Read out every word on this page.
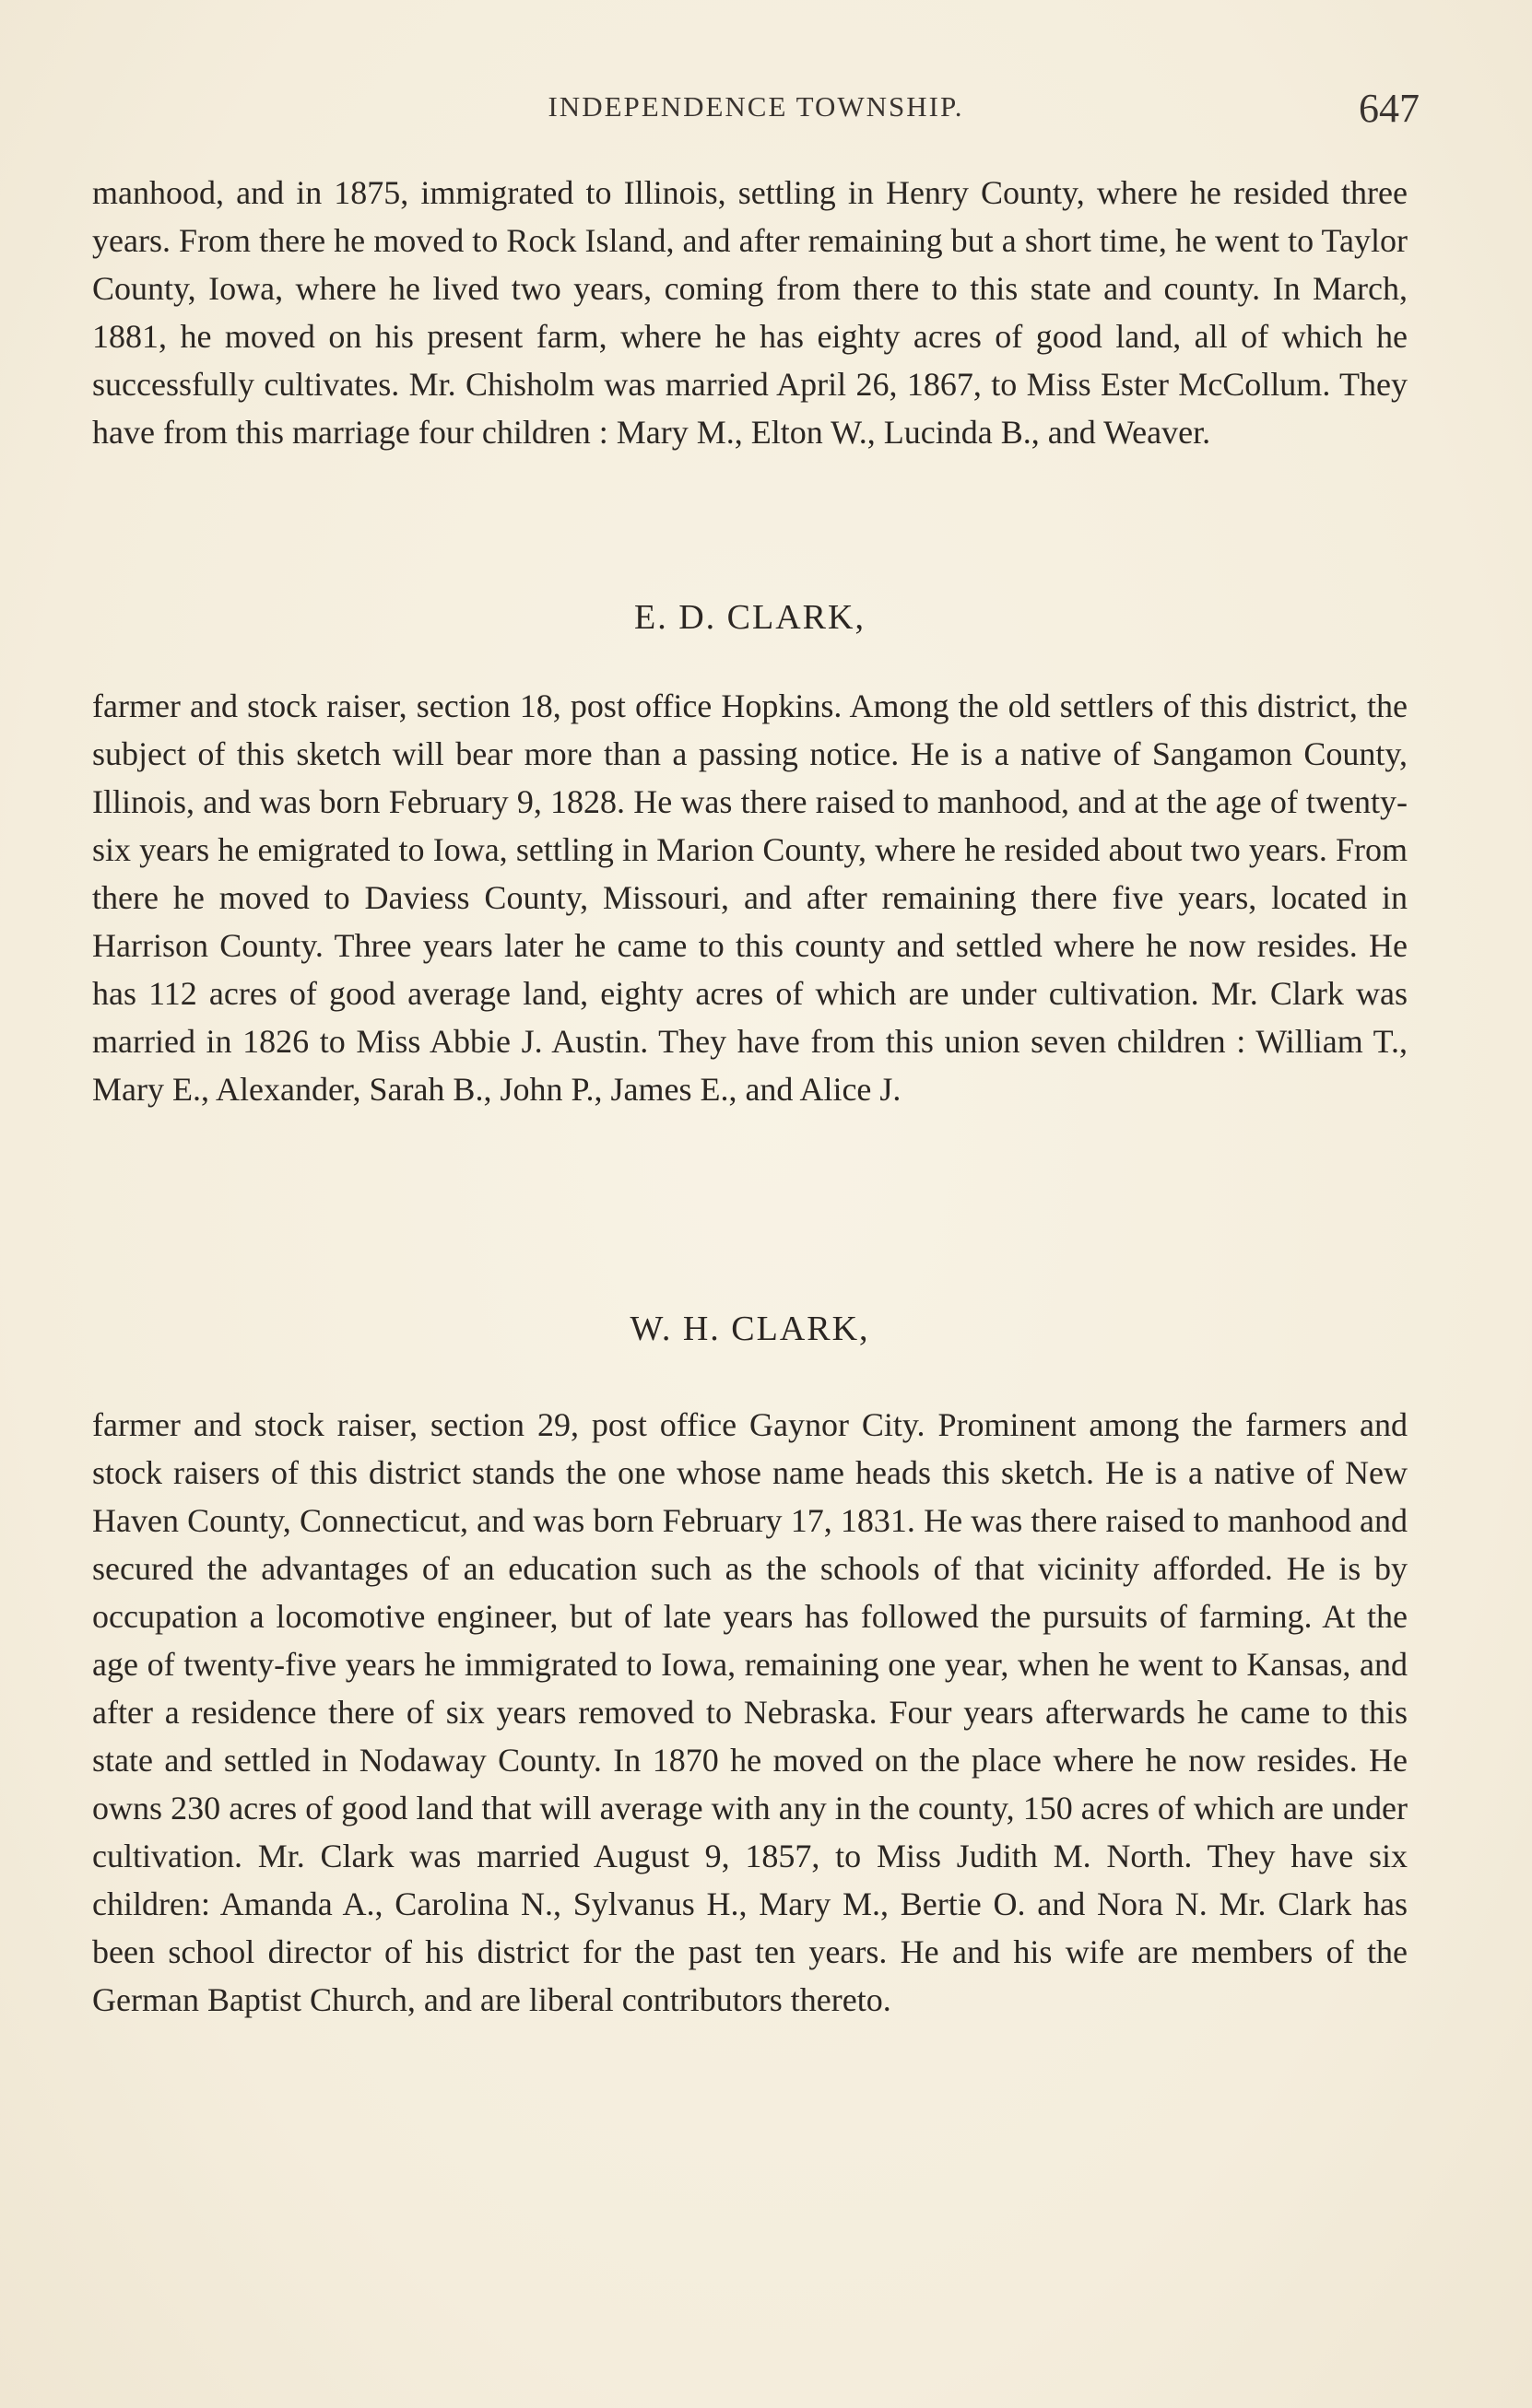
INDEPENDENCE TOWNSHIP.	647

manhood, and in 1875, immigrated to Illinois, settling in Henry County, where he resided three years. From there he moved to Rock Island, and after remaining but a short time, he went to Taylor County, Iowa, where he lived two years, coming from there to this state and county. In March, 1881, he moved on his present farm, where he has eighty acres of good land, all of which he successfully cultivates. Mr. Chisholm was married April 26, 1867, to Miss Ester McCollum. They have from this marriage four children : Mary M., Elton W., Lucinda B., and Weaver.

E. D. CLARK,

farmer and stock raiser, section 18, post office Hopkins. Among the old settlers of this district, the subject of this sketch will bear more than a passing notice. He is a native of Sangamon County, Illinois, and was born February 9, 1828. He was there raised to manhood, and at the age of twenty-six years he emigrated to Iowa, settling in Marion County, where he resided about two years. From there he moved to Daviess County, Missouri, and after remaining there five years, located in Harrison County. Three years later he came to this county and settled where he now resides. He has 112 acres of good average land, eighty acres of which are under cultivation. Mr. Clark was married in 1826 to Miss Abbie J. Austin. They have from this union seven children : William T., Mary E., Alexander, Sarah B., John P., James E., and Alice J.

W. H. CLARK,

farmer and stock raiser, section 29, post office Gaynor City. Prominent among the farmers and stock raisers of this district stands the one whose name heads this sketch. He is a native of New Haven County, Connecticut, and was born February 17, 1831. He was there raised to manhood and secured the advantages of an education such as the schools of that vicinity afforded. He is by occupation a locomotive engineer, but of late years has followed the pursuits of farming. At the age of twenty-five years he immigrated to Iowa, remaining one year, when he went to Kansas, and after a residence there of six years removed to Nebraska. Four years afterwards he came to this state and settled in Nodaway County. In 1870 he moved on the place where he now resides. He owns 230 acres of good land that will average with any in the county, 150 acres of which are under cultivation. Mr. Clark was married August 9, 1857, to Miss Judith M. North. They have six children: Amanda A., Carolina N., Sylvanus H., Mary M., Bertie O. and Nora N. Mr. Clark has been school director of his district for the past ten years. He and his wife are members of the German Baptist Church, and are liberal contributors thereto.
